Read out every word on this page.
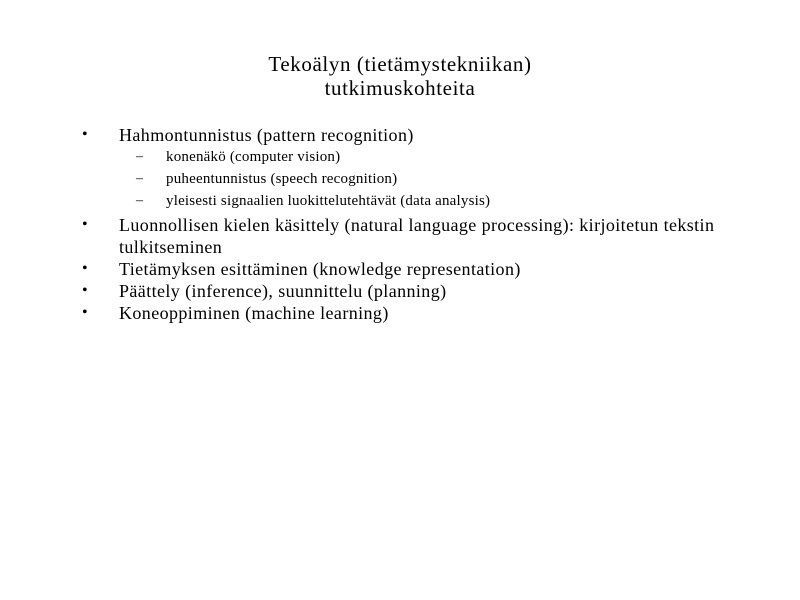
Tekoälyn (tietämystekniikan)
tutkimuskohteita
•	Hahmontunnistus (pattern recognition)
–	konenäkö (computer vision)
–	puheentunnistus (speech recognition)
–	yleisesti signaalien luokittelutehtävät (data analysis)
•	Luonnollisen kielen käsittely (natural language processing): kirjoitetun tekstin tulkitseminen
•	Tietämyksen esittäminen (knowledge representation)
•	Päättely (inference), suunnittelu (planning)
•	Koneoppiminen (machine learning)
